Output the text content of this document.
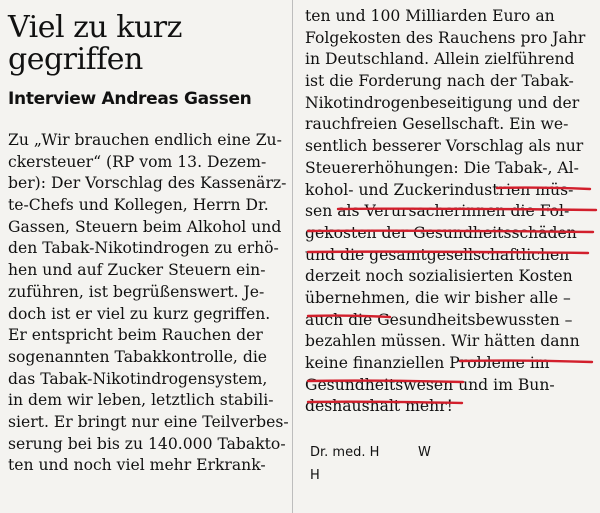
Viel zu kurz
gegriffen
Interview Andreas Gassen
Zu „Wir brauchen endlich eine Zu-
ckersteuer“ (RP vom 13. Dezem-
ber): Der Vorschlag des Kassenärz-
te-Chefs und Kollegen, Herrn Dr.
Gassen, Steuern beim Alkohol und
den Tabak-Nikotindrogen zu erhö-
hen und auf Zucker Steuern ein-
zuführen, ist begrüßenswert. Je-
doch ist er viel zu kurz gegriffen.
Er entspricht beim Rauchen der
sogenannten Tabakkontrolle, die
das Tabak-Nikotindrogensystem,
in dem wir leben, letztlich stabili-
siert. Er bringt nur eine Teilverbes-
serung bei bis zu 140.000 Tabakto-
ten und noch viel mehr Erkrank-
ten und 100 Milliarden Euro an
Folgekosten des Rauchens pro Jahr
in Deutschland. Allein zielführend
ist die Forderung nach der Tabak-
Nikotindrogenbeseitigung und der
rauchfreien Gesellschaft. Ein we-
sentlich besserer Vorschlag als nur
Steuererhöhungen: Die Tabak-, Al-
kohol- und Zuckerindustrien müs-
sen als Verursacherinnen die Fol-
gekosten der Gesundheitsschäden
und die gesamtgesellschaftlichen
derzeit noch sozialisierten Kosten
übernehmen, die wir bisher alle –
auch die Gesundheitsbewussten –
bezahlen müssen. Wir hätten dann
keine finanziellen Probleme im
Gesundheitswesen und im Bun-
deshaushalt mehr!
Dr. med. H	W
H
